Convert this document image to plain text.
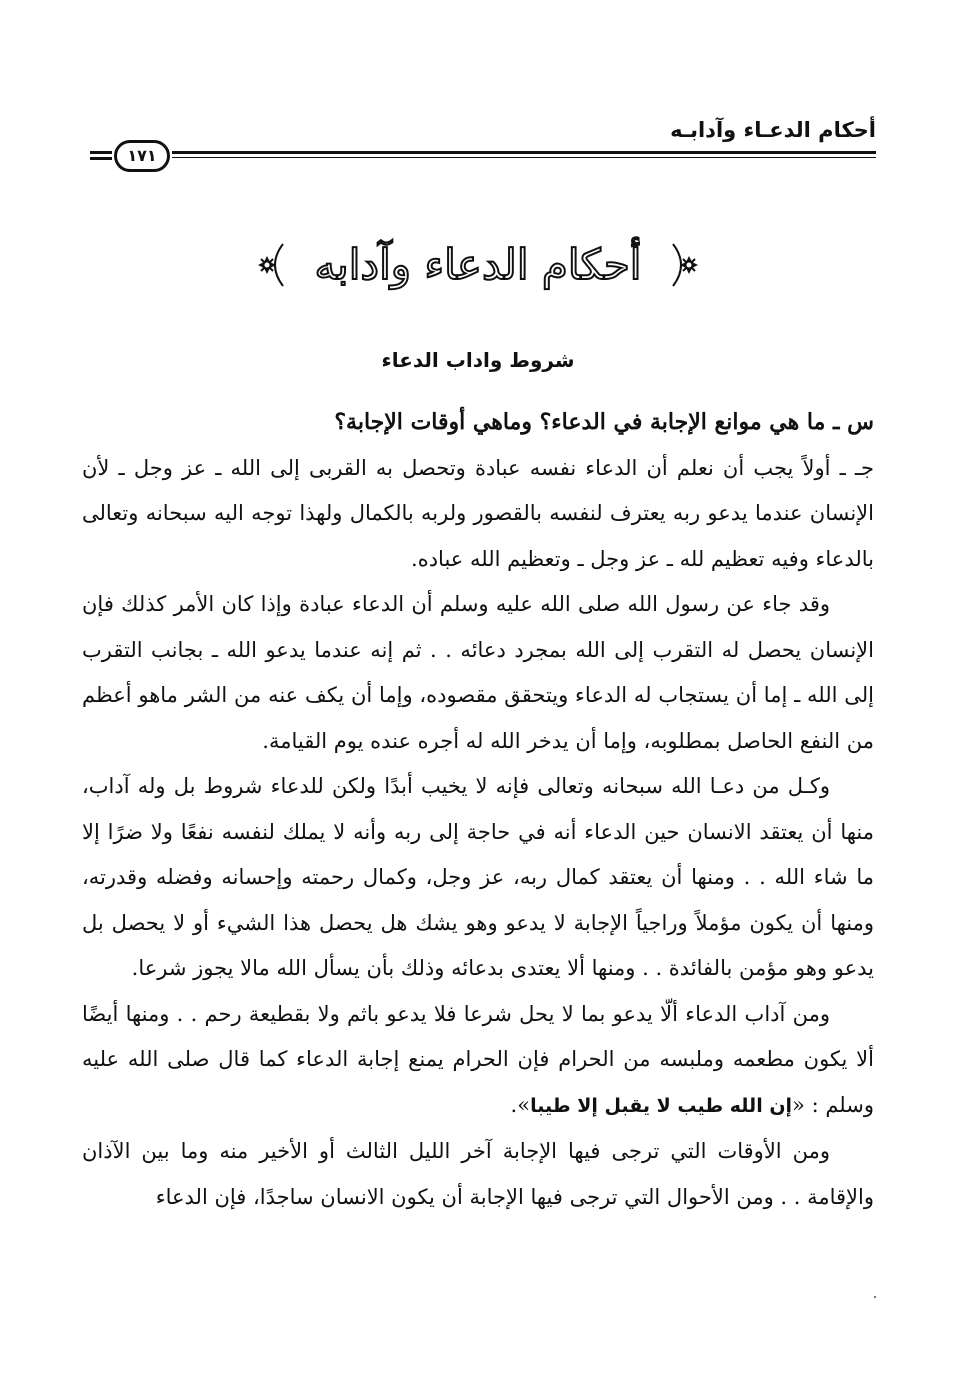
أحكام الدعـاء وآدابـه
١٧١
أحكام الدعاء وآدابه
شروط واداب الدعاء

س ـ ما هي موانع الإجابة في الدعاء؟ وماهي أوقات الإجابة؟

جـ ـ أولاً يجب أن نعلم أن الدعاء نفسه عبادة وتحصل به القربى إلى الله ـ عز وجل ـ لأن الإنسان عندما يدعو ربه يعترف لنفسه بالقصور ولربه بالكمال ولهذا توجه اليه سبحانه وتعالى بالدعاء وفيه تعظيم لله ـ عز وجل ـ وتعظيم الله عباده.

وقد جاء عن رسول الله صلى الله عليه وسلم أن الدعاء عبادة وإذا كان الأمر كذلك فإن الإنسان يحصل له التقرب إلى الله بمجرد دعائه . . ثم إنه عندما يدعو الله ـ بجانب التقرب إلى الله ـ إما أن يستجاب له الدعاء ويتحقق مقصوده، وإما أن يكف عنه من الشر ماهو أعظم من النفع الحاصل بمطلوبه، وإما أن يدخر الله له أجره عنده يوم القيامة.

وكـل من دعـا الله سبحانه وتعالى فإنه لا يخيب أبدًا ولكن للدعاء شروط بل وله آداب، منها أن يعتقد الانسان حين الدعاء أنه في حاجة إلى ربه وأنه لا يملك لنفسه نفعًا ولا ضرًا إلا ما شاء الله . . ومنها أن يعتقد كمال ربه، عز وجل، وكمال رحمته وإحسانه وفضله وقدرته، ومنها أن يكون مؤملاً وراجياً الإجابة لا يدعو وهو يشك هل يحصل هذا الشيء أو لا يحصل بل يدعو وهو مؤمن بالفائدة . . ومنها ألا يعتدى بدعائه وذلك بأن يسأل الله مالا يجوز شرعا.

ومن آداب الدعاء ألّا يدعو بما لا يحل شرعا فلا يدعو باثم ولا بقطيعة رحم . . ومنها أيضًا ألا يكون مطعمه وملبسه من الحرام فإن الحرام يمنع إجابة الدعاء كما قال صلى الله عليه وسلم : «إن الله طيب لا يقبل إلا طيبا».

ومن الأوقات التي ترجى فيها الإجابة آخر الليل الثالث أو الأخير منه وما بين الآذان والإقامة . . ومن الأحوال التي ترجى فيها الإجابة أن يكون الانسان ساجدًا، فإن الدعاء
